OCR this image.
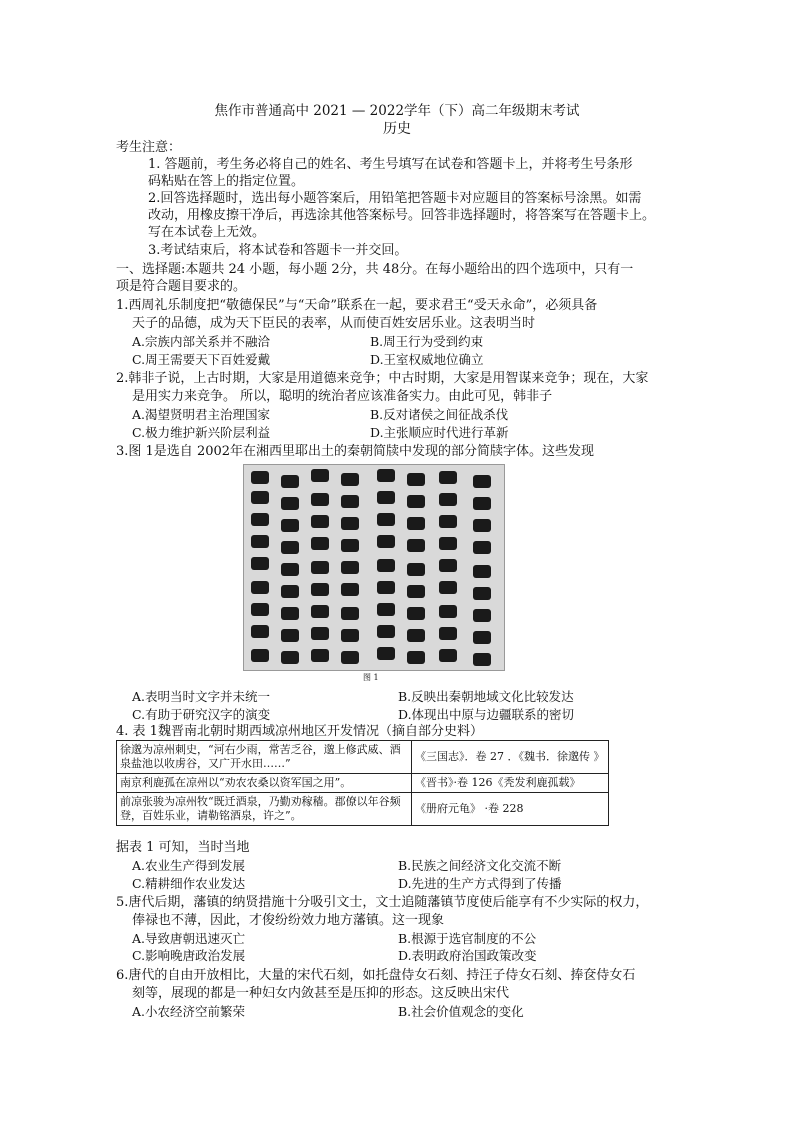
焦作市普通高中 2021 — 2022学年（下）高二年级期末考试
历史
考生注意：
1. 答题前，考生务必将自己的姓名、考生号填写在试卷和答题卡上，并将考生号条形
码粘贴在答上的指定位置。
2.回答选择题时，选出每小题答案后，用铅笔把答题卡对应题目的答案标号涂黑。如需
改动，用橡皮擦干净后，再选涂其他答案标号。回答非选择题时，将答案写在答题卡上。
写在本试卷上无效。
3.考试结束后，将本试卷和答题卡一并交回。
一、选择题:本题共 24 小题，每小题 2分，共 48分。在每小题给出的四个选项中，只有一
项是符合题目要求的。
1.西周礼乐制度把“敬德保民”与“天命”联系在一起，要求君王“受天永命”，必须具备
天子的品德，成为天下臣民的表率，从而使百姓安居乐业。这表明当时
A.宗族内部关系并不融洽	B.周王行为受到约束
C.周王需要天下百姓爱戴	D.王室权威地位确立
2.韩非子说，上古时期，大家是用道德来竞争；中古时期，大家是用智谋来竞争；现在，大家
是用实力来竞争。 所以，聪明的统治者应该准备实力。由此可见，韩非子
A.渴望贤明君主治理国家	B.反对诸侯之间征战杀伐
C.极力维护新兴阶层利益	D.主张顺应时代进行革新
3.图 1是选自 2002年在湘西里耶出土的秦朝简牍中发现的部分简牍字体。这些发现
图 1
A.表明当时文字并未统一	B.反映出秦朝地域文化比较发达
C.有助于研究汉字的演变	D.体现出中原与边疆联系的密切
4. 表 1魏晋南北朝时期西域凉州地区开发情况（摘自部分史料）
徐邈为凉州刺史，“河右少雨，常苦乏谷，邈上修武威、酒泉盐池以收虏谷，又广开水田……”	《三国志》．卷 27 ．《魏书．徐邈传 》
南京利鹿孤在凉州以“劝农农桑以资军国之用”。	《晋书》·卷 126《秃发利鹿孤载》
前凉张骏为凉州牧“既迁酒泉，乃勤劝稼穑。郡僚以年谷频登，百姓乐业，请勒铭酒泉，许之”。	《册府元龟》 ·卷 228
据表 1 可知，当时当地
A.农业生产得到发展	B.民族之间经济文化交流不断
C.精耕细作农业发达	D.先进的生产方式得到了传播
5.唐代后期，藩镇的纳贤措施十分吸引文士，文士追随藩镇节度使后能享有不少实际的权力，
俸禄也不薄，因此，才俊纷纷效力地方藩镇。这一现象
A.导致唐朝迅速灭亡	B.根源于选官制度的不公
C.影响晚唐政治发展	D.表明政府治国政策改变
6.唐代的自由开放相比，大量的宋代石刻，如托盘侍女石刻、持汪子侍女石刻、捧奁侍女石
刻等，展现的都是一种妇女内敛甚至是压抑的形态。这反映出宋代
A.小农经济空前繁荣	B.社会价值观念的变化
